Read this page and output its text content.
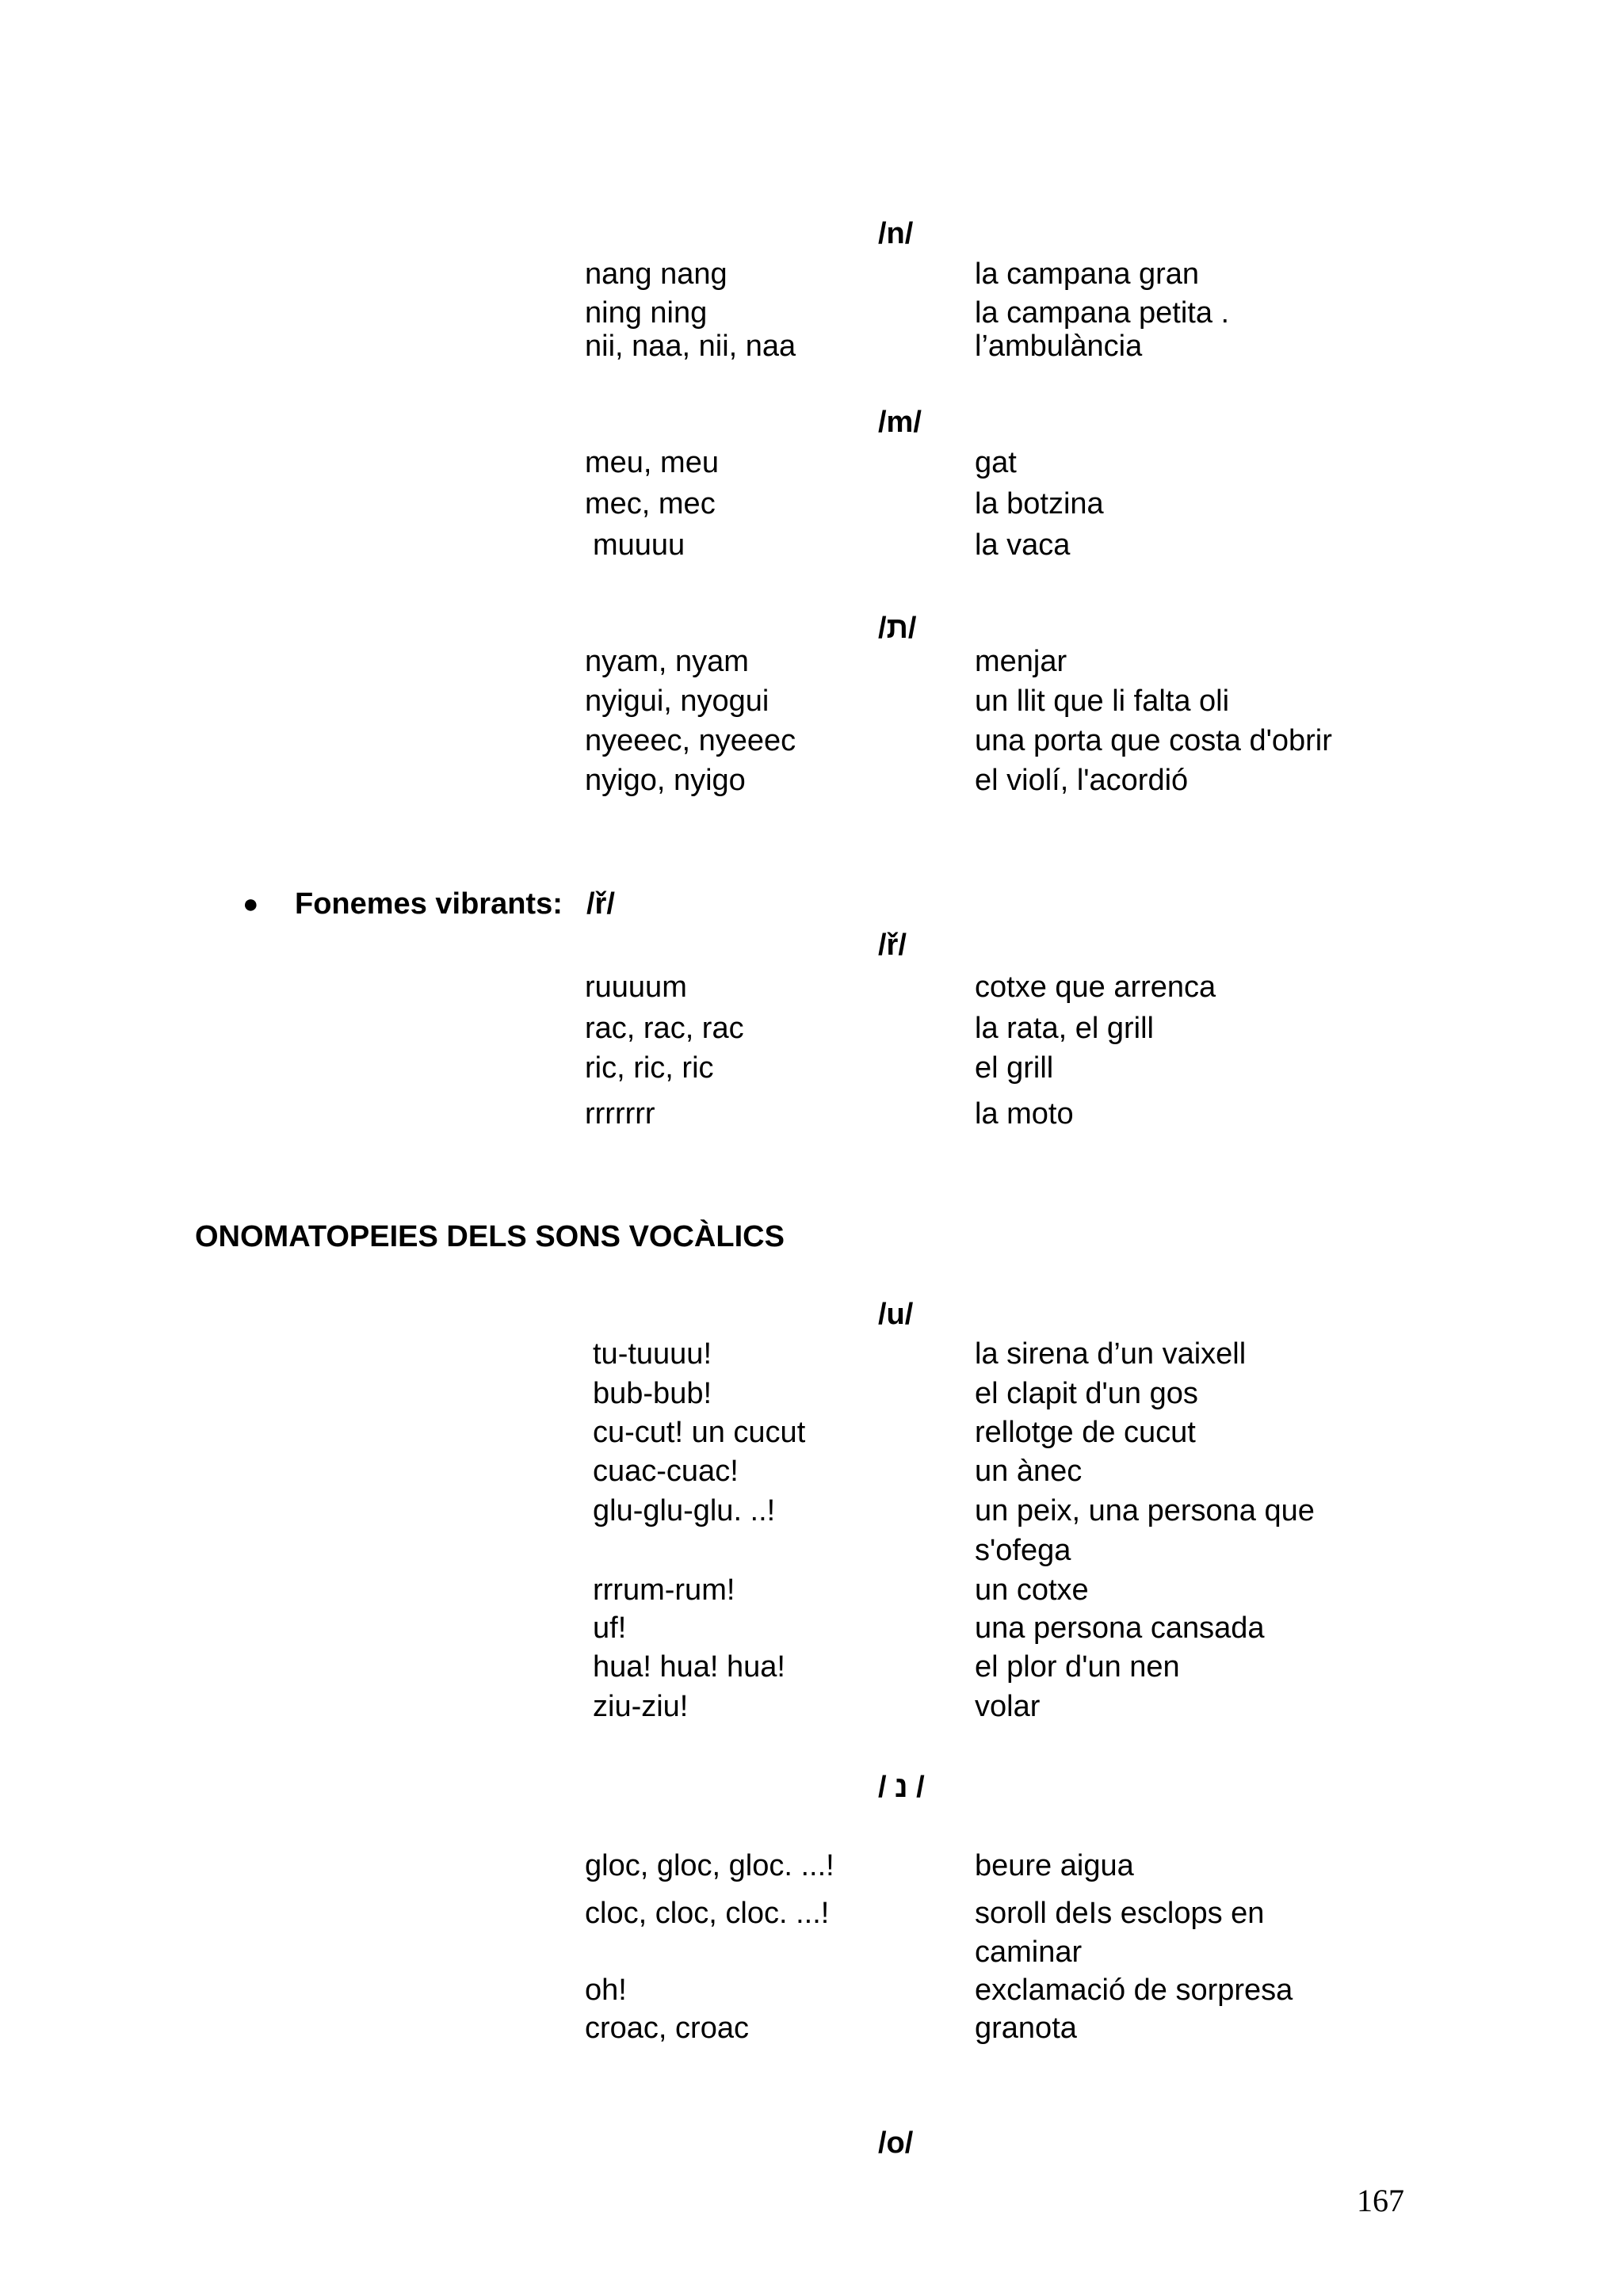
/n/
nang nang	la campana gran
ning ning	la campana petita .
nii, naa, nii, naa	l’ambulància
/m/
meu, meu	gat
mec, mec	la botzina
muuuu	la vaca
/ת/
nyam, nyam	menjar
nyigui, nyogui	un llit que li falta oli
nyeeec, nyeeec	una porta que costa d'obrir
nyigo, nyigo	el violí, l'acordió
● Fonemes vibrants: /ř/
/ř/
ruuuum	cotxe que arrenca
rac, rac, rac	la rata, el grill
ric, ric, ric	el grill
rrrrrrr	la moto
ONOMATOPEIES DELS SONS VOCÀLICS
/u/
tu-tuuuu!	la sirena d’un vaixell
bub-bub!	el clapit d'un gos
cu-cut! un cucut	rellotge de cucut
cuac-cuac!	un ànec
glu-glu-glu. ..!	un peix, una persona que
s'ofega
rrrum-rum!	un cotxe
uf!	una persona cansada
hua! hua! hua!	el plor d'un nen
ziu-ziu!	volar
/ נ /
gloc, gloc, gloc. ...!	beure aigua
cloc, cloc, cloc. ...!	soroll deIs esclops en
caminar
oh!	exclamació de sorpresa
croac, croac	granota
/o/
167
